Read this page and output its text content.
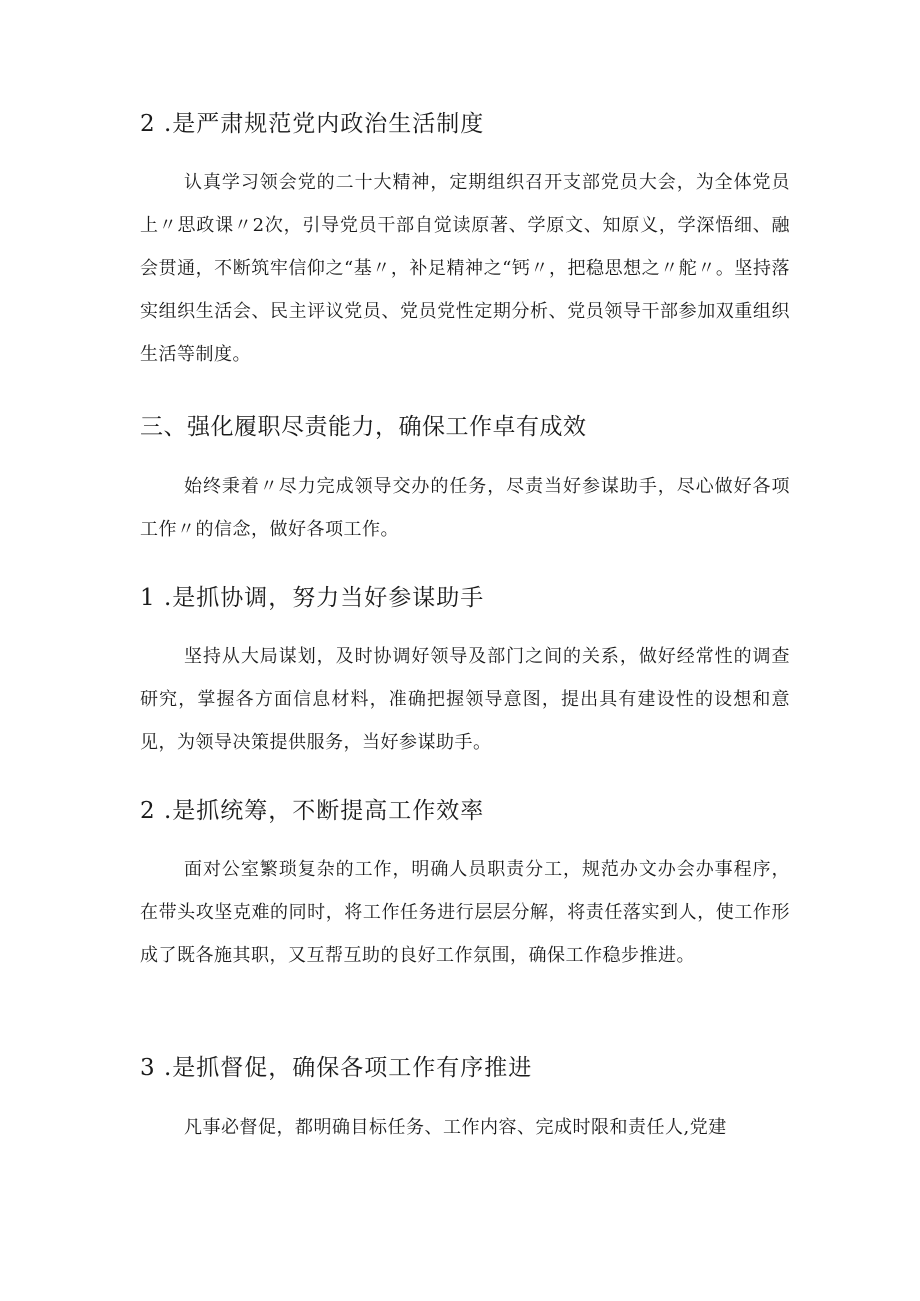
2 .是严肃规范党内政治生活制度

认真学习领会党的二十大精神，定期组织召开支部党员大会，为全体党员上〃思政课〃2次，引导党员干部自觉读原著、学原文、知原义，学深悟细、融会贯通，不断筑牢信仰之“基〃，补足精神之“钙〃，把稳思想之〃舵〃。坚持落实组织生活会、民主评议党员、党员党性定期分析、党员领导干部参加双重组织生活等制度。

三、强化履职尽责能力，确保工作卓有成效

始终秉着〃尽力完成领导交办的任务，尽责当好参谋助手，尽心做好各项工作〃的信念，做好各项工作。

1 .是抓协调，努力当好参谋助手

坚持从大局谋划，及时协调好领导及部门之间的关系，做好经常性的调查研究，掌握各方面信息材料，准确把握领导意图，提出具有建设性的设想和意见，为领导决策提供服务，当好参谋助手。

2 .是抓统筹，不断提高工作效率

面对公室繁琐复杂的工作，明确人员职责分工，规范办文办会办事程序，在带头攻坚克难的同时，将工作任务进行层层分解，将责任落实到人，使工作形成了既各施其职，又互帮互助的良好工作氛围，确保工作稳步推进。

3 .是抓督促，确保各项工作有序推进

凡事必督促，都明确目标任务、工作内容、完成时限和责任人,党建
